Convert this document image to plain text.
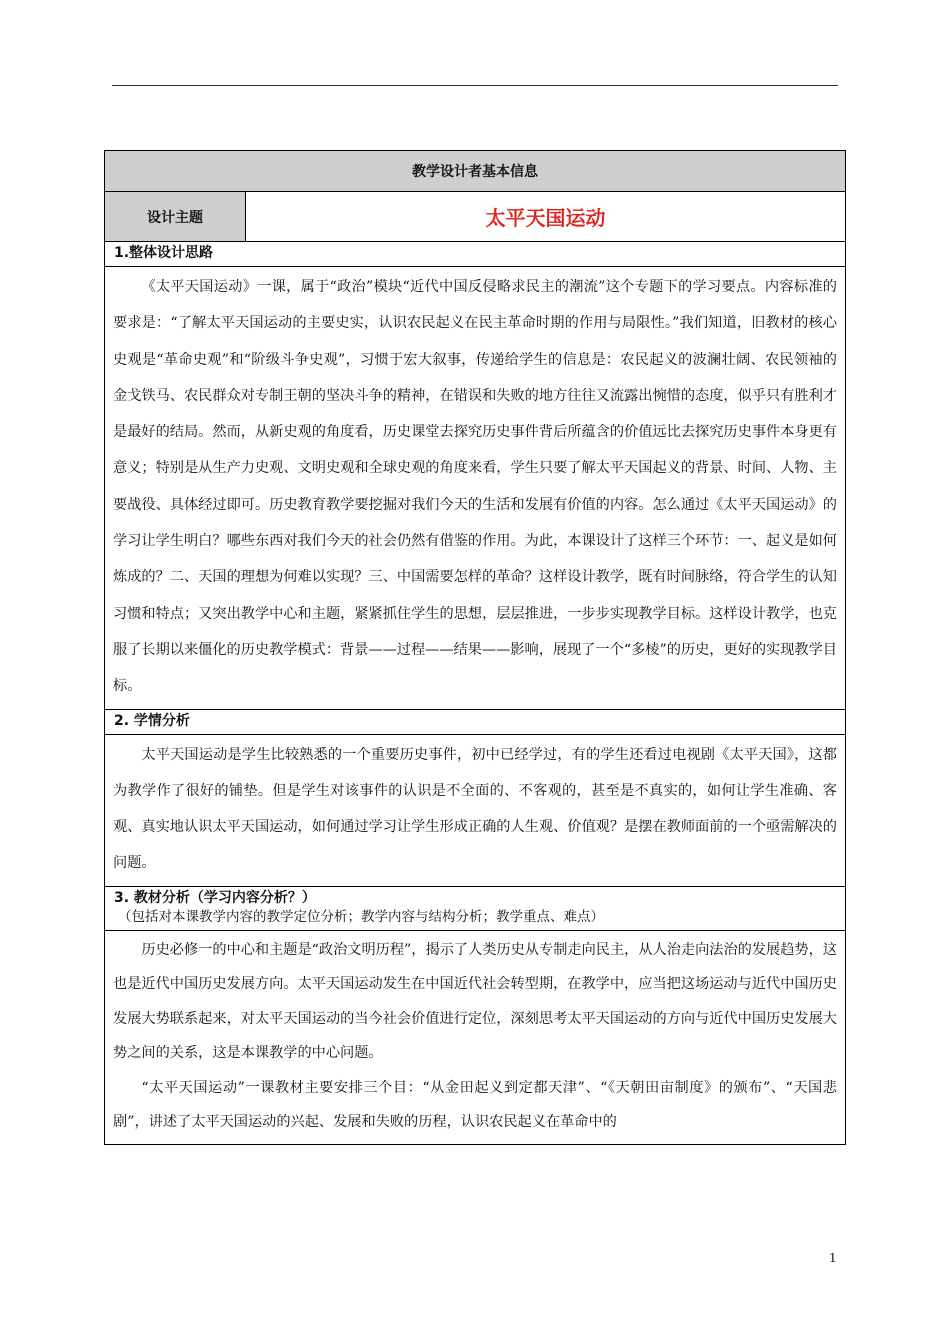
教学设计者基本信息
设计主题	太平天国运动
1.整体设计思路

《太平天国运动》一课，属于“政治”模块“近代中国反侵略求民主的潮流”这个专题下的学习要点。内容标准的要求是：“了解太平天国运动的主要史实，认识农民起义在民主革命时期的作用与局限性。”我们知道，旧教材的核心史观是“革命史观”和“阶级斗争史观”，习惯于宏大叙事，传递给学生的信息是：农民起义的波澜壮阔、农民领袖的金戈铁马、农民群众对专制王朝的坚决斗争的精神，在错误和失败的地方往往又流露出惋惜的态度，似乎只有胜利才是最好的结局。然而，从新史观的角度看，历史课堂去探究历史事件背后所蕴含的价值远比去探究历史事件本身更有意义；特别是从生产力史观、文明史观和全球史观的角度来看，学生只要了解太平天国起义的背景、时间、人物、主要战役、具体经过即可。历史教育教学要挖掘对我们今天的生活和发展有价值的内容。怎么通过《太平天国运动》的学习让学生明白？哪些东西对我们今天的社会仍然有借鉴的作用。为此，本课设计了这样三个环节：一、起义是如何炼成的？二、天国的理想为何难以实现？三、中国需要怎样的革命？这样设计教学，既有时间脉络，符合学生的认知习惯和特点；又突出教学中心和主题，紧紧抓住学生的思想，层层推进，一步步实现教学目标。这样设计教学，也克服了长期以来僵化的历史教学模式：背景——过程——结果——影响，展现了一个“多棱”的历史，更好的实现教学目标。

2. 学情分析

太平天国运动是学生比较熟悉的一个重要历史事件，初中已经学过，有的学生还看过电视剧《太平天国》，这都为教学作了很好的铺垫。但是学生对该事件的认识是不全面的、不客观的，甚至是不真实的，如何让学生准确、客观、真实地认识太平天国运动，如何通过学习让学生形成正确的人生观、价值观？是摆在教师面前的一个亟需解决的问题。

3. 教材分析（学习内容分析？）
（包括对本课教学内容的教学定位分析；教学内容与结构分析；教学重点、难点）

历史必修一的中心和主题是“政治文明历程”，揭示了人类历史从专制走向民主，从人治走向法治的发展趋势，这也是近代中国历史发展方向。太平天国运动发生在中国近代社会转型期，在教学中，应当把这场运动与近代中国历史发展大势联系起来，对太平天国运动的当今社会价值进行定位，深刻思考太平天国运动的方向与近代中国历史发展大势之间的关系，这是本课教学的中心问题。

“太平天国运动”一课教材主要安排三个目：“从金田起义到定都天津”、“《天朝田亩制度》的颁布”、“天国悲剧”，讲述了太平天国运动的兴起、发展和失败的历程，认识农民起义在革命中的

1
